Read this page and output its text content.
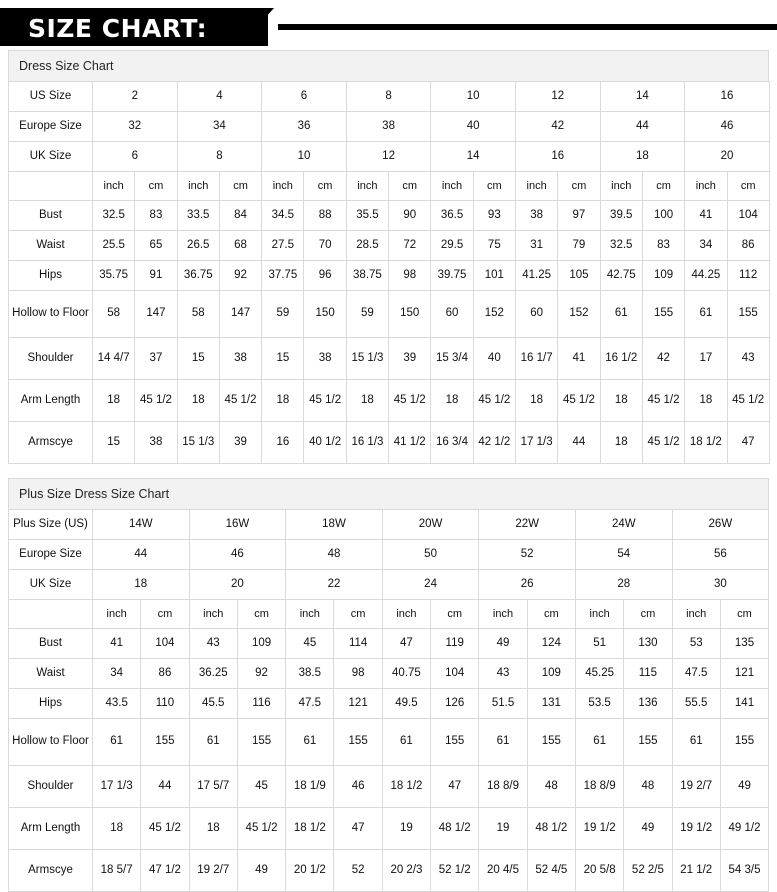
SIZE CHART:
Dress Size Chart
US Size	2		4		6		8		10		12		14		16	
Europe Size	32		34		36		38		40		42		44		46	
UK Size	6		8		10		12		14		16		18		20	
	inch	cm	inch	cm	inch	cm	inch	cm	inch	cm	inch	cm	inch	cm	inch	cm
Bust	32.5	83	33.5	84	34.5	88	35.5	90	36.5	93	38	97	39.5	100	41	104
Waist	25.5	65	26.5	68	27.5	70	28.5	72	29.5	75	31	79	32.5	83	34	86
Hips	35.75	91	36.75	92	37.75	96	38.75	98	39.75	101	41.25	105	42.75	109	44.25	112
Hollow to Floor	58	147	58	147	59	150	59	150	60	152	60	152	61	155	61	155
Shoulder	14 4/7	37	15	38	15	38	15 1/3	39	15 3/4	40	16 1/7	41	16 1/2	42	17	43
Arm Length	18	45 1/2	18	45 1/2	18	45 1/2	18	45 1/2	18	45 1/2	18	45 1/2	18	45 1/2	18	45 1/2
Armscye	15	38	15 1/3	39	16	40 1/2	16 1/3	41 1/2	16 3/4	42 1/2	17 1/3	44	18	45 1/2	18 1/2	47
Plus Size Dress Size Chart
Plus Size (US)	14W		16W		18W		20W		22W		24W		26W	
Europe Size	44		46		48		50		52		54		56	
UK Size	18		20		22		24		26		28		30	
	inch	cm	inch	cm	inch	cm	inch	cm	inch	cm	inch	cm	inch	cm
Bust	41	104	43	109	45	114	47	119	49	124	51	130	53	135
Waist	34	86	36.25	92	38.5	98	40.75	104	43	109	45.25	115	47.5	121
Hips	43.5	110	45.5	116	47.5	121	49.5	126	51.5	131	53.5	136	55.5	141
Hollow to Floor	61	155	61	155	61	155	61	155	61	155	61	155	61	155
Shoulder	17 1/3	44	17 5/7	45	18 1/9	46	18 1/2	47	18 8/9	48	18 8/9	48	19 2/7	49
Arm Length	18	45 1/2	18	45 1/2	18 1/2	47	19	48 1/2	19	48 1/2	19 1/2	49	19 1/2	49 1/2
Armscye	18 5/7	47 1/2	19 2/7	49	20 1/2	52	20 2/3	52 1/2	20 4/5	52 4/5	20 5/8	52 2/5	21 1/2	54 3/5
